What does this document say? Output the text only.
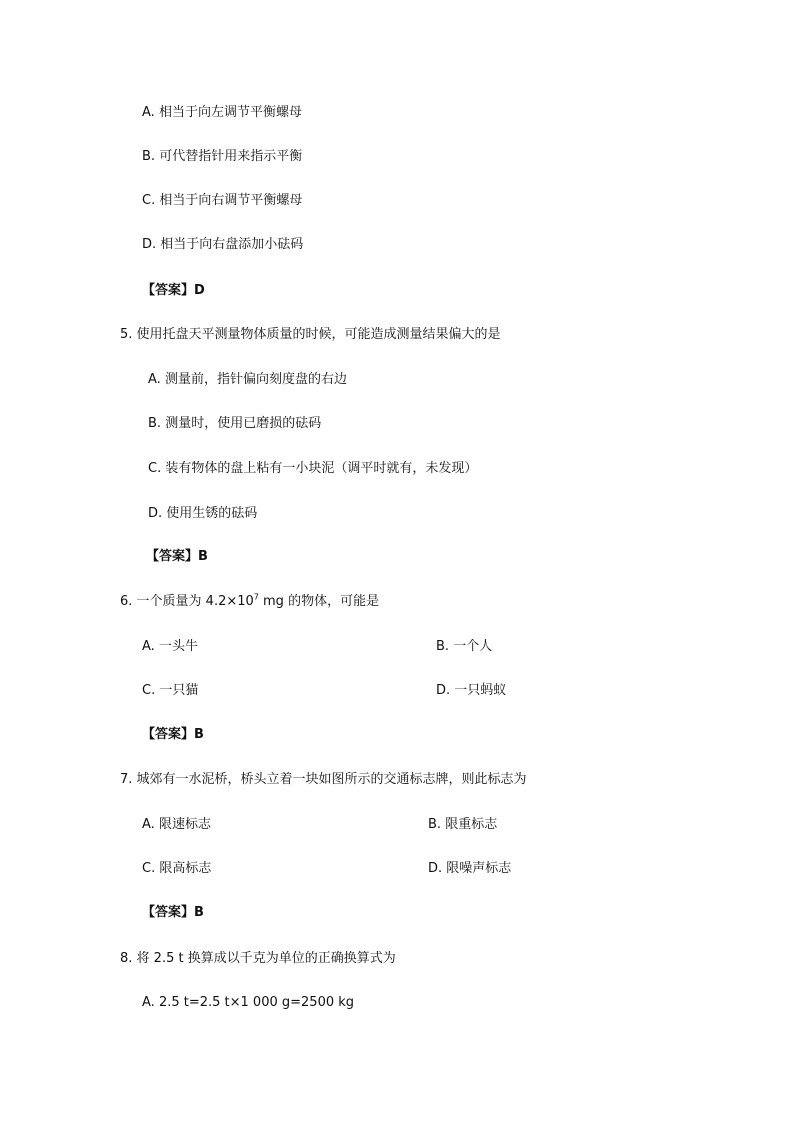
A. 相当于向左调节平衡螺母
B. 可代替指针用来指示平衡
C. 相当于向右调节平衡螺母
D. 相当于向右盘添加小砝码
【答案】D
5. 使用托盘天平测量物体质量的时候，可能造成测量结果偏大的是
A. 测量前，指针偏向刻度盘的右边
B. 测量时，使用已磨损的砝码
C. 装有物体的盘上粘有一小块泥（调平时就有，未发现）
D. 使用生锈的砝码
【答案】B
6. 一个质量为 $4.2\times 10^7$ mg 的物体，可能是
A. 一头牛	B. 一个人
C. 一只猫	D. 一只蚂蚁
【答案】B
7. 城郊有一水泥桥，桥头立着一块如图所示的交通标志牌，则此标志为
A. 限速标志	B. 限重标志
C. 限高标志	D. 限噪声标志
【答案】B
8. 将 2.5 t 换算成以千克为单位的正确换算式为
A. 2.5 t=2.5 t×1 000 g=2500 kg
